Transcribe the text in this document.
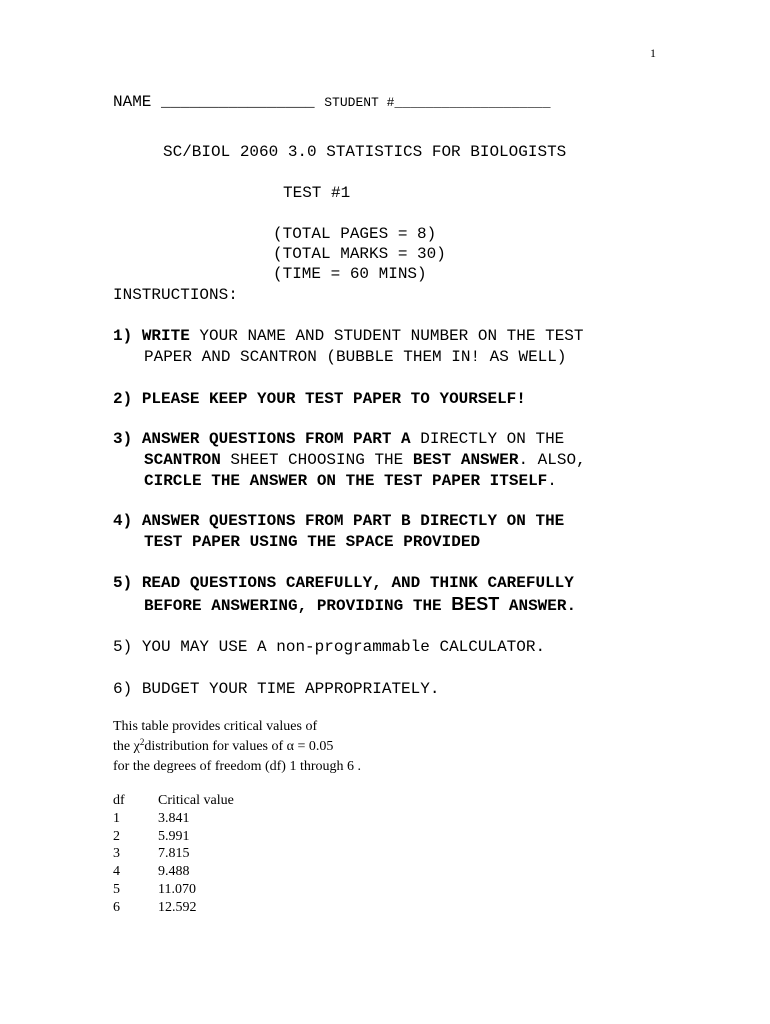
1
NAME ________________ STUDENT #____________________
SC/BIOL 2060 3.0 STATISTICS FOR BIOLOGISTS
TEST #1
(TOTAL PAGES = 8)
(TOTAL MARKS = 30)
(TIME = 60 MINS)
INSTRUCTIONS:
1) WRITE YOUR NAME AND STUDENT NUMBER ON THE TEST
PAPER AND SCANTRON (BUBBLE THEM IN! AS WELL)
2) PLEASE KEEP YOUR TEST PAPER TO YOURSELF!
3) ANSWER QUESTIONS FROM PART A DIRECTLY ON THE
SCANTRON SHEET CHOOSING THE BEST ANSWER. ALSO,
CIRCLE THE ANSWER ON THE TEST PAPER ITSELF.
4) ANSWER QUESTIONS FROM PART B DIRECTLY ON THE
TEST PAPER USING THE SPACE PROVIDED
5) READ QUESTIONS CAREFULLY, AND THINK CAREFULLY
BEFORE ANSWERING, PROVIDING THE BEST ANSWER.
5) YOU MAY USE A non-programmable CALCULATOR.
6) BUDGET YOUR TIME APPROPRIATELY.
This table provides critical values of
the $\chi^2distribution$ for values of α = 0.05
for the degrees of freedom (df) 1 through 6 .
df	Critical value
1	3.841
2	5.991
3	7.815
4	9.488
5	11.070
6	12.592
